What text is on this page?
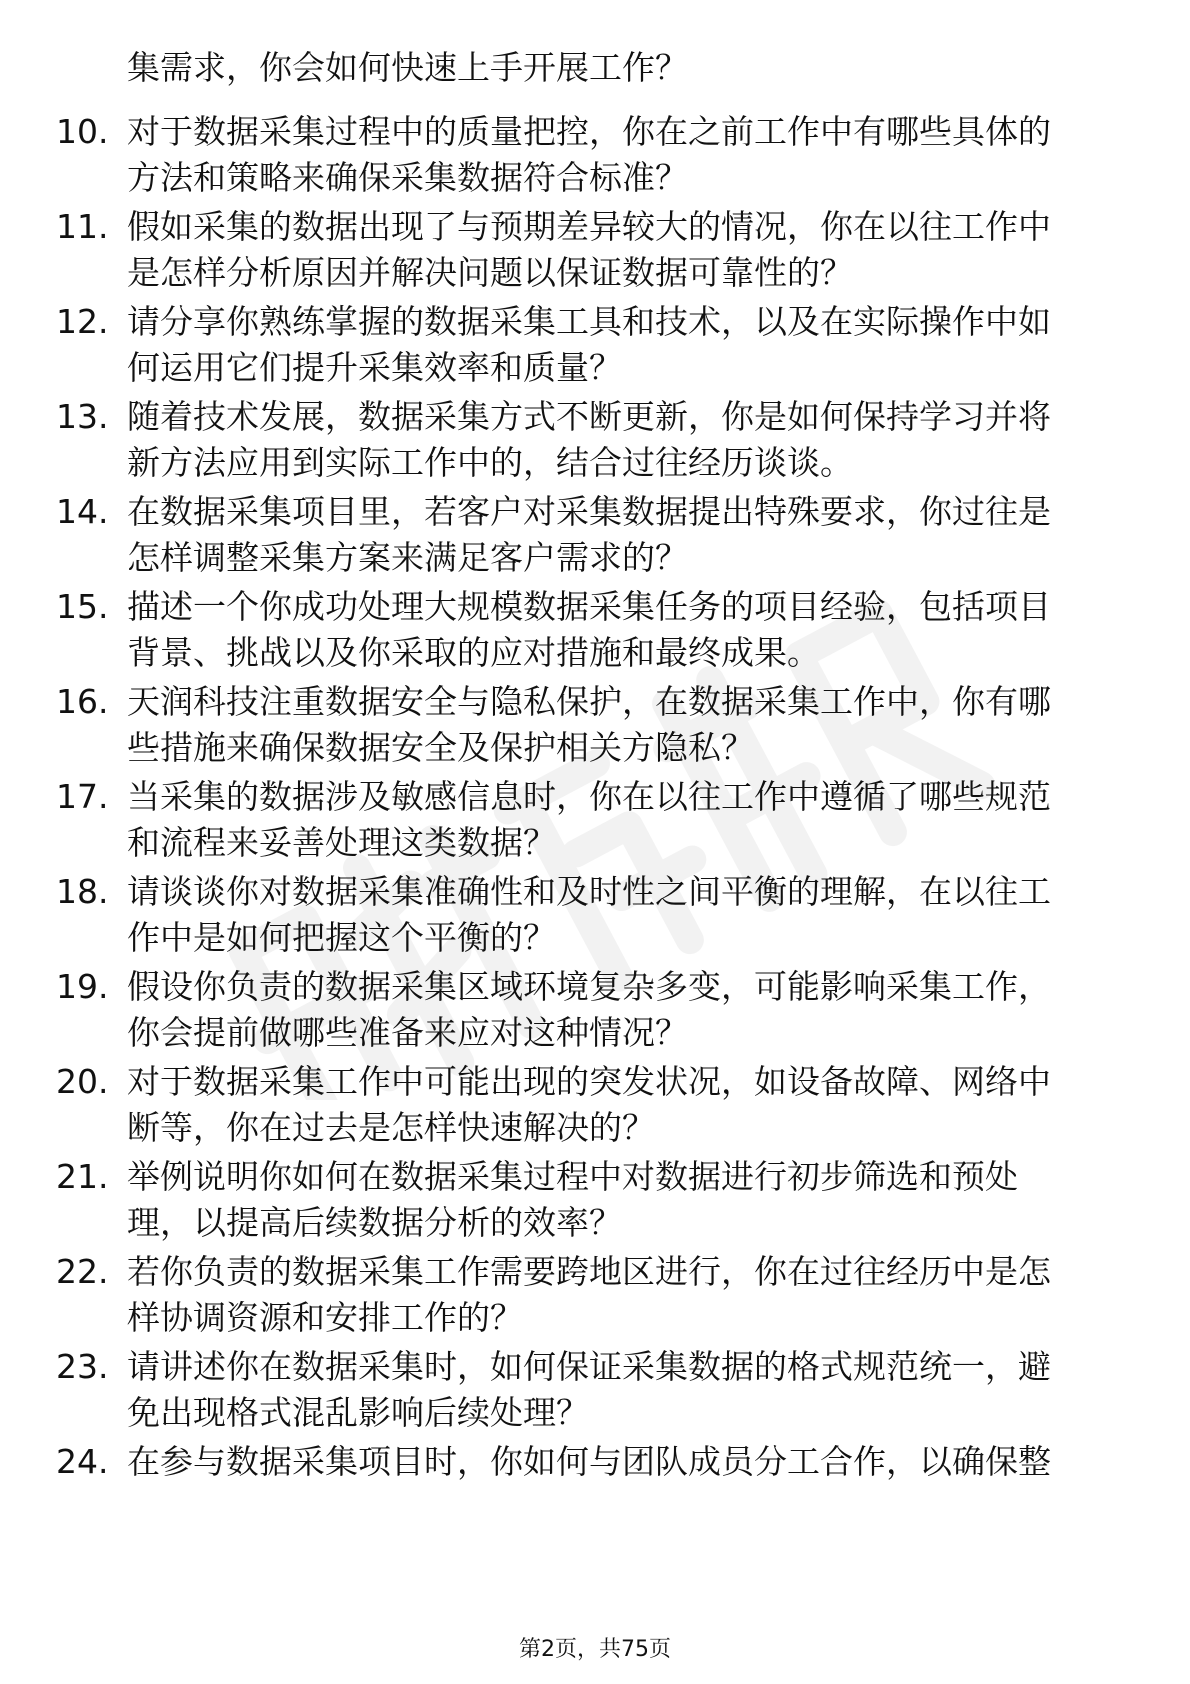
集需求，你会如何快速上手开展工作？
10. 对于数据采集过程中的质量把控，你在之前工作中有哪些具体的
方法和策略来确保采集数据符合标准？
11. 假如采集的数据出现了与预期差异较大的情况，你在以往工作中
是怎样分析原因并解决问题以保证数据可靠性的？
12. 请分享你熟练掌握的数据采集工具和技术，以及在实际操作中如
何运用它们提升采集效率和质量？
13. 随着技术发展，数据采集方式不断更新，你是如何保持学习并将
新方法应用到实际工作中的，结合过往经历谈谈。
14. 在数据采集项目里，若客户对采集数据提出特殊要求，你过往是
怎样调整采集方案来满足客户需求的？
15. 描述一个你成功处理大规模数据采集任务的项目经验，包括项目
背景、挑战以及你采取的应对措施和最终成果。
16. 天润科技注重数据安全与隐私保护，在数据采集工作中，你有哪
些措施来确保数据安全及保护相关方隐私？
17. 当采集的数据涉及敏感信息时，你在以往工作中遵循了哪些规范
和流程来妥善处理这类数据？
18. 请谈谈你对数据采集准确性和及时性之间平衡的理解，在以往工
作中是如何把握这个平衡的？
19. 假设你负责的数据采集区域环境复杂多变，可能影响采集工作，
你会提前做哪些准备来应对这种情况？
20. 对于数据采集工作中可能出现的突发状况，如设备故障、网络中
断等，你在过去是怎样快速解决的？
21. 举例说明你如何在数据采集过程中对数据进行初步筛选和预处
理，以提高后续数据分析的效率？
22. 若你负责的数据采集工作需要跨地区进行，你在过往经历中是怎
样协调资源和安排工作的？
23. 请讲述你在数据采集时，如何保证采集数据的格式规范统一，避
免出现格式混乱影响后续处理？
24. 在参与数据采集项目时，你如何与团队成员分工合作，以确保整
第2页，共75页
